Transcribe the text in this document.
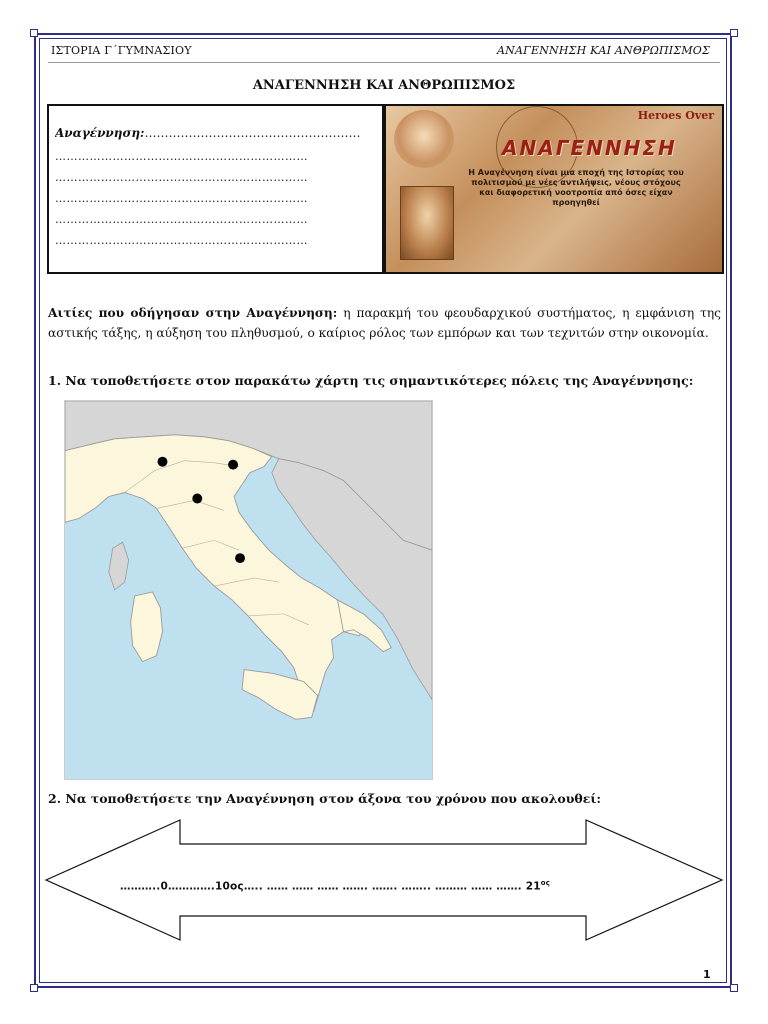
ΙΣΤΟΡΙΑ Γ΄ΓΥΜΝΑΣΙΟΥ	ΑΝΑΓΕΝΝΗΣΗ ΚΑΙ ΑΝΘΡΩΠΙΣΜΟΣ
ΑΝΑΓΕΝΝΗΣΗ ΚΑΙ ΑΝΘΡΩΠΙΣΜΟΣ
Αναγέννηση:………………………………………………
…………………………………………………………
…………………………………………………………
…………………………………………………………
…………………………………………………………
…………………………………………………………
Heroes Over
ΑΝΑΓΕΝΝΗΣΗ
Η Αναγέννηση είναι μια εποχή της Ιστορίας του πολιτισμού με νέες αντιλήψεις, νέους στόχους και διαφορετική νοοτροπία από όσες είχαν προηγηθεί
Αιτίες που οδήγησαν στην Αναγέννηση: η παρακμή του φεουδαρχικού συστήματος, η εμφάνιση της αστικής τάξης, η αύξηση του πληθυσμού, ο καίριος ρόλος των εμπόρων και των τεχνιτών στην οικονομία.
1. Να τοποθετήσετε στον παρακάτω χάρτη τις σημαντικότερες πόλεις της Αναγέννησης:
2. Να τοποθετήσετε την Αναγέννηση στον άξονα του χρόνου που ακολουθεί:
………..0………….10ος….. …… …… …… ……. ……. …….. ……… …… ……. $21^{o\varsigma}$
1
